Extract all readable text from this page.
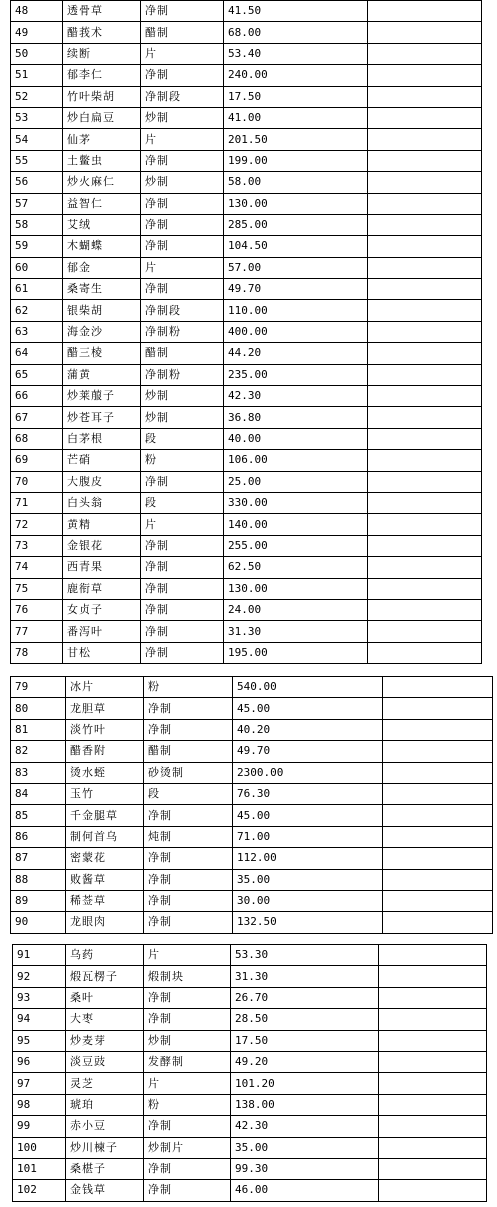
48	透骨草	净制	41.50	
49	醋莪术	醋制	68.00	
50	续断	片	53.40	
51	郁李仁	净制	240.00	
52	竹叶柴胡	净制段	17.50	
53	炒白扁豆	炒制	41.00	
54	仙茅	片	201.50	
55	土鳖虫	净制	199.00	
56	炒火麻仁	炒制	58.00	
57	益智仁	净制	130.00	
58	艾绒	净制	285.00	
59	木蝴蝶	净制	104.50	
60	郁金	片	57.00	
61	桑寄生	净制	49.70	
62	银柴胡	净制段	110.00	
63	海金沙	净制粉	400.00	
64	醋三棱	醋制	44.20	
65	蒲黄	净制粉	235.00	
66	炒莱菔子	炒制	42.30	
67	炒苍耳子	炒制	36.80	
68	白茅根	段	40.00	
69	芒硝	粉	106.00	
70	大腹皮	净制	25.00	
71	白头翁	段	330.00	
72	黄精	片	140.00	
73	金银花	净制	255.00	
74	西青果	净制	62.50	
75	鹿衔草	净制	130.00	
76	女贞子	净制	24.00	
77	番泻叶	净制	31.30	
78	甘松	净制	195.00	
79	冰片	粉	540.00	
80	龙胆草	净制	45.00	
81	淡竹叶	净制	40.20	
82	醋香附	醋制	49.70	
83	烫水蛭	砂烫制	2300.00	
84	玉竹	段	76.30	
85	千金腿草	净制	45.00	
86	制何首乌	炖制	71.00	
87	密蒙花	净制	112.00	
88	败酱草	净制	35.00	
89	稀莶草	净制	30.00	
90	龙眼肉	净制	132.50	
91	乌药	片	53.30	
92	煅瓦楞子	煅制块	31.30	
93	桑叶	净制	26.70	
94	大枣	净制	28.50	
95	炒麦芽	炒制	17.50	
96	淡豆豉	发酵制	49.20	
97	灵芝	片	101.20	
98	琥珀	粉	138.00	
99	赤小豆	净制	42.30	
100	炒川楝子	炒制片	35.00	
101	桑椹子	净制	99.30	
102	金钱草	净制	46.00	
